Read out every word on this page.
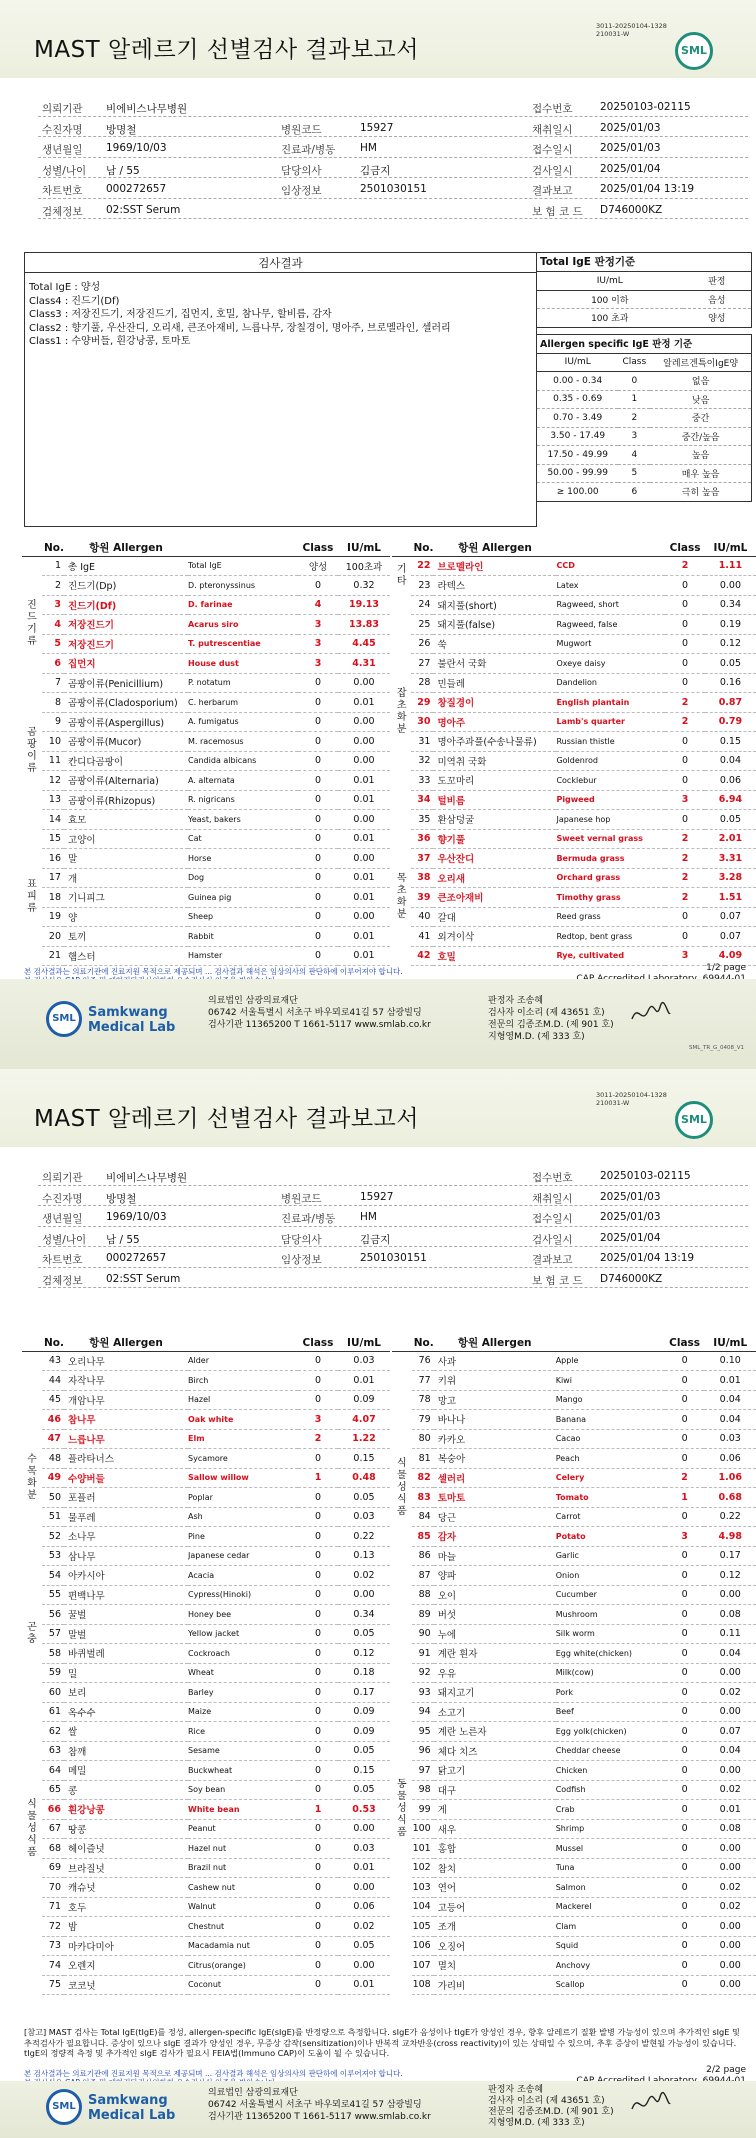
MAST 알레르기 선별검사 결과보고서
3011-20250104-1328
210031-W
SML
의뢰기관 비에비스나무병원	접수번호	20250103-02115
수진자명 방명철	병원코드	15927	채취일시	2025/01/03
생년월일 1969/10/03	진료과/병동 HM	접수일시	2025/01/03
성별/나이 남 / 55	담당의사	김금지	검사일시	2025/01/04
차트번호 000272657	임상정보	2501030151	결과보고	2025/01/04 13:19
검체정보 02:SST Serum	보 험 코 드 D746000KZ
검사결과
Total IgE : 양성
Class4 : 진드기(Df)
Class3 : 저장진드기, 저장진드기, 집먼지, 호밀, 참나무, 할비름, 감자
Class2 : 향기풀, 우산잔디, 오리새, 큰조아재비, 느릅나무, 장칠경이, 명아주, 브로멜라인, 셀러리
Class1 : 수양버들, 흰강낭콩, 토마토
Total IgE 판정기준
IU/mL	판정
100 이하	음성
100 초과	양성
Allergen specific IgE 판정 기준
IU/mL	Class	알레르겐특이IgE양
0.00 - 0.34	0	없음
0.35 - 0.69	1	낮음
0.70 - 3.49	2	중간
3.50 - 17.49	3	중간/높음
17.50 - 49.99	4	높음
50.00 - 99.99	5	매우 높음
≥ 100.00	6	극히 높음
	No.	항원 Allergen		Class	IU/mL
	1	총 IgE	Total IgE	양성	100초과

진
드
기
류	2	진드기(Dp)	D. pteronyssinus	0	0.32
	3	진드기(Df)	D. farinae	4	19.13
	4	저장진드기	Acarus siro	3	13.83
	5	저장진드기	T. putrescentiae	3	4.45
	6	집먼지	House dust	3	4.31

곰
팡
이
류	7	곰팡이류(Penicillium)	P. notatum	0	0.00
	8	곰팡이류(Cladosporium)	C. herbarum	0	0.01
	9	곰팡이류(Aspergillus)	A. fumigatus	0	0.00
	10	곰팡이류(Mucor)	M. racemosus	0	0.00
	11	칸디다곰팡이	Candida albicans	0	0.00
	12	곰팡이류(Alternaria)	A. alternata	0	0.01
	13	곰팡이류(Rhizopus)	R. nigricans	0	0.01
	14	효모	Yeast, bakers	0	0.00

표
피
류	15	고양이	Cat	0	0.01
	16	말	Horse	0	0.00
	17	개	Dog	0	0.01
	18	기니피그	Guinea pig	0	0.01
	19	양	Sheep	0	0.00
	20	토끼	Rabbit	0	0.01
	21	햄스터	Hamster	0	0.01
	No.	항원 Allergen		Class	IU/mL

기
타	22	브로멜라인	CCD	2	1.11
	23	라텍스	Latex	0	0.00

잡
초
화
분	24	돼지풀(short)	Ragweed, short	0	0.34
	25	돼지풀(false)	Ragweed, false	0	0.19
	26	쑥	Mugwort	0	0.12
	27	불란서 국화	Oxeye daisy	0	0.05
	28	민들레	Dandelion	0	0.16
	29	창질경이	English plantain	2	0.87
	30	명아주	Lamb's quarter	2	0.79
	31	명아주과풀(수송나물류)	Russian thistle	0	0.15
	32	미역취 국화	Goldenrod	0	0.04
	33	도꼬마리	Cocklebur	0	0.06
	34	털비름	Pigweed	3	6.94
	35	환삼덩굴	Japanese hop	0	0.05

목
초
화
분	36	향기풀	Sweet vernal grass	2	2.01
	37	우산잔디	Bermuda grass	2	3.31
	38	오리새	Orchard grass	2	3.28
	39	큰조아재비	Timothy grass	2	1.51
	40	갈대	Reed grass	0	0.07
	41	외겨이삭	Redtop, bent grass	0	0.07
	42	호밀	Rye, cultivated	3	4.09
본 검사결과는 의료기관에 진료지원 목적으로 제공되며 ... 검사결과 해석은 임상의사의 판단하에 이루어져야 합니다.	1/2 page
SML Samkwang
Medical Lab
의료법인 삼광의료재단
06742 서울특별시 서초구 바우뫼로41길 57 삼광빌딩
검사기관 11365200 T 1661-5117 www.smlab.co.kr
판정자 조송혜
검사자 이소리 (제 43651 호)
전문의 김종조M.D. (제 901 호)
지형영M.D. (제 333 호)
SML_TR_G_0408_V1
MAST 알레르기 선별검사 결과보고서
3011-20250104-1328
210031-W
SML
의뢰기관 비에비스나무병원	접수번호	20250103-02115
수진자명 방명철	병원코드	15927	채취일시	2025/01/03
생년월일 1969/10/03	진료과/병동 HM	접수일시	2025/01/03
성별/나이 남 / 55	담당의사	김금지	검사일시	2025/01/04
차트번호 000272657	임상정보	2501030151	결과보고	2025/01/04 13:19
검체정보 02:SST Serum	보 험 코 드 D746000KZ
	No.	항원 Allergen		Class	IU/mL

수
목
화
분	43	오리나무	Alder	0	0.03
	44	자작나무	Birch	0	0.01
	45	개암나무	Hazel	0	0.09
	46	참나무	Oak white	3	4.07
	47	느릅나무	Elm	2	1.22
	48	플라타너스	Sycamore	0	0.15
	49	수양버들	Sallow willow	1	0.48
	50	포플러	Poplar	0	0.05
	51	물푸레	Ash	0	0.03
	52	소나무	Pine	0	0.22
	53	삼나무	Japanese cedar	0	0.13
	54	아카시아	Acacia	0	0.02
	55	편백나무	Cypress(Hinoki)	0	0.00

곤
충	56	꿀벌	Honey bee	0	0.34
	57	말벌	Yellow jacket	0	0.05
	58	바퀴벌레	Cockroach	0	0.12

식
물
성
식
품	59	밀	Wheat	0	0.18
	60	보리	Barley	0	0.17
	61	옥수수	Maize	0	0.09
	62	쌀	Rice	0	0.09
	63	참깨	Sesame	0	0.05
	64	메밀	Buckwheat	0	0.15
	65	콩	Soy bean	0	0.05
	66	흰강낭콩	White bean	1	0.53
	67	땅콩	Peanut	0	0.00
	68	헤이즐넛	Hazel nut	0	0.03
	69	브라질넛	Brazil nut	0	0.01
	70	캐슈넛	Cashew nut	0	0.00
	71	호두	Walnut	0	0.06
	72	밤	Chestnut	0	0.02
	73	마카다미아	Macadamia nut	0	0.05
	74	오렌지	Citrus(orange)	0	0.00
	75	코코넛	Coconut	0	0.01
	No.	항원 Allergen		Class	IU/mL

식
물
성
식
품	76	사과	Apple	0	0.10
	77	키위	Kiwi	0	0.01
	78	망고	Mango	0	0.04
	79	바나나	Banana	0	0.04
	80	카카오	Cacao	0	0.03
	81	복숭아	Peach	0	0.06
	82	셀러리	Celery	2	1.06
	83	토마토	Tomato	1	0.68
	84	당근	Carrot	0	0.22
	85	감자	Potato	3	4.98
	86	마늘	Garlic	0	0.17
	87	양파	Onion	0	0.12
	88	오이	Cucumber	0	0.00
	89	버섯	Mushroom	0	0.08

동
물
성
식
품	90	누에	Silk worm	0	0.11
	91	계란 흰자	Egg white(chicken)	0	0.04
	92	우유	Milk(cow)	0	0.00
	93	돼지고기	Pork	0	0.02
	94	소고기	Beef	0	0.00
	95	계란 노른자	Egg yolk(chicken)	0	0.07
	96	체다 치즈	Cheddar cheese	0	0.04
	97	닭고기	Chicken	0	0.00
	98	대구	Codfish	0	0.02
	99	게	Crab	0	0.01
	100	새우	Shrimp	0	0.08
	101	홍합	Mussel	0	0.00
	102	참치	Tuna	0	0.00
	103	연어	Salmon	0	0.02
	104	고등어	Mackerel	0	0.02
	105	조개	Clam	0	0.00
	106	오징어	Squid	0	0.00
	107	멸치	Anchovy	0	0.00
	108	가리비	Scallop	0	0.00
[참고] MAST 검사는 Total IgE(tIgE)를 정성, allergen-specific IgE(sIgE)를 반정량으로 측정합니다. sIgE가 음성이나 tIgE가 양성인 경우, 향후 알레르기 질환 발병 가능성이 있으며 추가적인 sIgE 및 추적검사가 필요합니다. 증상이 있으나 sIgE 결과가 양성인 경우, 무증상 감작(sensitization)이나 반복적 교차반응(cross reactivity)이 있는 상태일 수 있으며, 추후 증상이 발현될 가능성이 있습니다. tIgE의 정량적 측정 및 추가적인 sIgE 검사가 필요시 FEIA법(Immuno CAP)이 도움이 될 수 있습니다.
본 검사결과는 의료기관에 진료지원 목적으로 제공되며 ... 검사결과 해석은 임상의사의 판단하에 이루어져야 합니다.	2/2 page
SML Samkwang
Medical Lab
의료법인 삼광의료재단
06742 서울특별시 서초구 바우뫼로41길 57 삼광빌딩
검사기관 11365200 T 1661-5117 www.smlab.co.kr
판정자 조송혜
검사자 이소리 (제 43651 호)
전문의 김종조M.D. (제 901 호)
지형영M.D. (제 333 호)
